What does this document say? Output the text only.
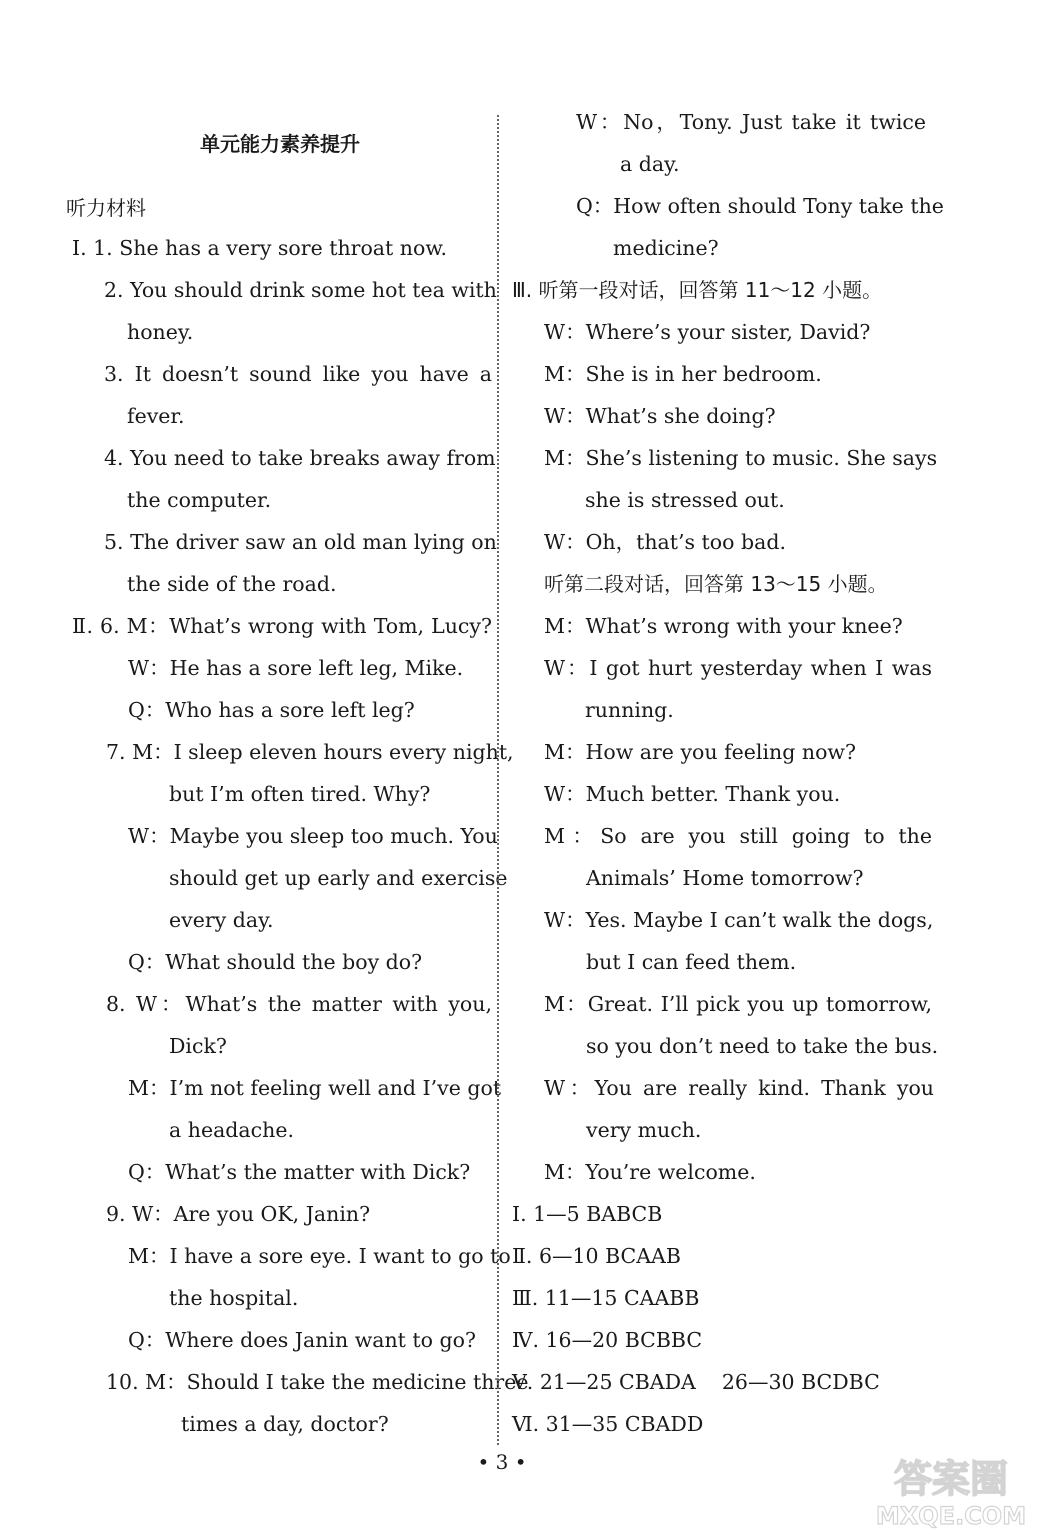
单元能力素养提升
听力材料
Ⅰ. 1. She has a very sore throat now.
2. You should drink some hot tea with
honey.
3. It doesn’t sound like you have a
fever.
4. You need to take breaks away from
the computer.
5. The driver saw an old man lying on
the side of the road.
Ⅱ. 6. M：What’s wrong with Tom, Lucy?
W：He has a sore left leg, Mike.
Q：Who has a sore left leg?
7. M：I sleep eleven hours every night,
but I’m often tired. Why?
W：Maybe you sleep too much. You
should get up early and exercise
every day.
Q：What should the boy do?
8. W：What’s the matter with you,
Dick?
M：I’m not feeling well and I’ve got
a headache.
Q：What’s the matter with Dick?
9. W：Are you OK, Janin?
M：I have a sore eye. I want to go to
the hospital.
Q：Where does Janin want to go?
10. M：Should I take the medicine three
times a day, doctor?
W：No，Tony. Just take it twice
a day.
Q：How often should Tony take the
medicine?
Ⅲ. 听第一段对话，回答第 11～12 小题。
W：Where’s your sister, David?
M：She is in her bedroom.
W：What’s she doing?
M：She’s listening to music. She says
she is stressed out.
W：Oh，that’s too bad.
听第二段对话，回答第 13～15 小题。
M：What’s wrong with your knee?
W：I got hurt yesterday when I was
running.
M：How are you feeling now?
W：Much better. Thank you.
M：So are you still going to the
Animals’ Home tomorrow?
W：Yes. Maybe I can’t walk the dogs,
but I can feed them.
M：Great. I’ll pick you up tomorrow,
so you don’t need to take the bus.
W：You are really kind. Thank you
very much.
M：You’re welcome.
Ⅰ. 1—5 BABCB
Ⅱ. 6—10 BCAAB
Ⅲ. 11—15 CAABB
Ⅳ. 16—20 BCBBC
Ⅴ. 21—25 CBADA    26—30 BCDBC
Ⅵ. 31—35 CBADD
• 3 •	答案圈
MXQE.COM
